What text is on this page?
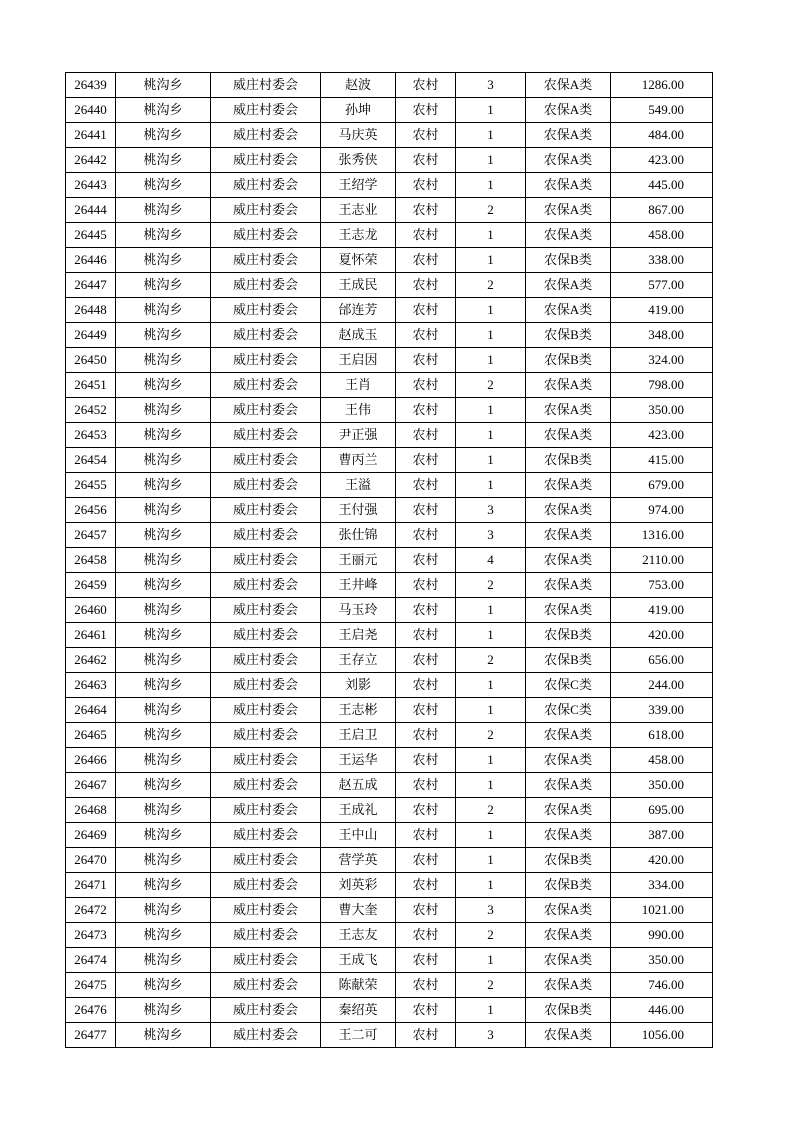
26439	桃沟乡	威庄村委会	赵波	农村	3	农保A类	1286.00
26440	桃沟乡	威庄村委会	孙坤	农村	1	农保A类	549.00
26441	桃沟乡	威庄村委会	马庆英	农村	1	农保A类	484.00
26442	桃沟乡	威庄村委会	张秀侠	农村	1	农保A类	423.00
26443	桃沟乡	威庄村委会	王绍学	农村	1	农保A类	445.00
26444	桃沟乡	威庄村委会	王志业	农村	2	农保A类	867.00
26445	桃沟乡	威庄村委会	王志龙	农村	1	农保A类	458.00
26446	桃沟乡	威庄村委会	夏怀荣	农村	1	农保B类	338.00
26447	桃沟乡	威庄村委会	王成民	农村	2	农保A类	577.00
26448	桃沟乡	威庄村委会	邰连芳	农村	1	农保A类	419.00
26449	桃沟乡	威庄村委会	赵成玉	农村	1	农保B类	348.00
26450	桃沟乡	威庄村委会	王启因	农村	1	农保B类	324.00
26451	桃沟乡	威庄村委会	王肖	农村	2	农保A类	798.00
26452	桃沟乡	威庄村委会	王伟	农村	1	农保A类	350.00
26453	桃沟乡	威庄村委会	尹正强	农村	1	农保A类	423.00
26454	桃沟乡	威庄村委会	曹丙兰	农村	1	农保B类	415.00
26455	桃沟乡	威庄村委会	王溢	农村	1	农保A类	679.00
26456	桃沟乡	威庄村委会	王付强	农村	3	农保A类	974.00
26457	桃沟乡	威庄村委会	张仕锦	农村	3	农保A类	1316.00
26458	桃沟乡	威庄村委会	王丽元	农村	4	农保A类	2110.00
26459	桃沟乡	威庄村委会	王井峰	农村	2	农保A类	753.00
26460	桃沟乡	威庄村委会	马玉玲	农村	1	农保A类	419.00
26461	桃沟乡	威庄村委会	王启尧	农村	1	农保B类	420.00
26462	桃沟乡	威庄村委会	王存立	农村	2	农保B类	656.00
26463	桃沟乡	威庄村委会	刘影	农村	1	农保C类	244.00
26464	桃沟乡	威庄村委会	王志彬	农村	1	农保C类	339.00
26465	桃沟乡	威庄村委会	王启卫	农村	2	农保A类	618.00
26466	桃沟乡	威庄村委会	王运华	农村	1	农保A类	458.00
26467	桃沟乡	威庄村委会	赵五成	农村	1	农保A类	350.00
26468	桃沟乡	威庄村委会	王成礼	农村	2	农保A类	695.00
26469	桃沟乡	威庄村委会	王中山	农村	1	农保A类	387.00
26470	桃沟乡	威庄村委会	营学英	农村	1	农保B类	420.00
26471	桃沟乡	威庄村委会	刘英彩	农村	1	农保B类	334.00
26472	桃沟乡	威庄村委会	曹大奎	农村	3	农保A类	1021.00
26473	桃沟乡	威庄村委会	王志友	农村	2	农保A类	990.00
26474	桃沟乡	威庄村委会	王成飞	农村	1	农保A类	350.00
26475	桃沟乡	威庄村委会	陈献荣	农村	2	农保A类	746.00
26476	桃沟乡	威庄村委会	秦绍英	农村	1	农保B类	446.00
26477	桃沟乡	威庄村委会	王二可	农村	3	农保A类	1056.00
